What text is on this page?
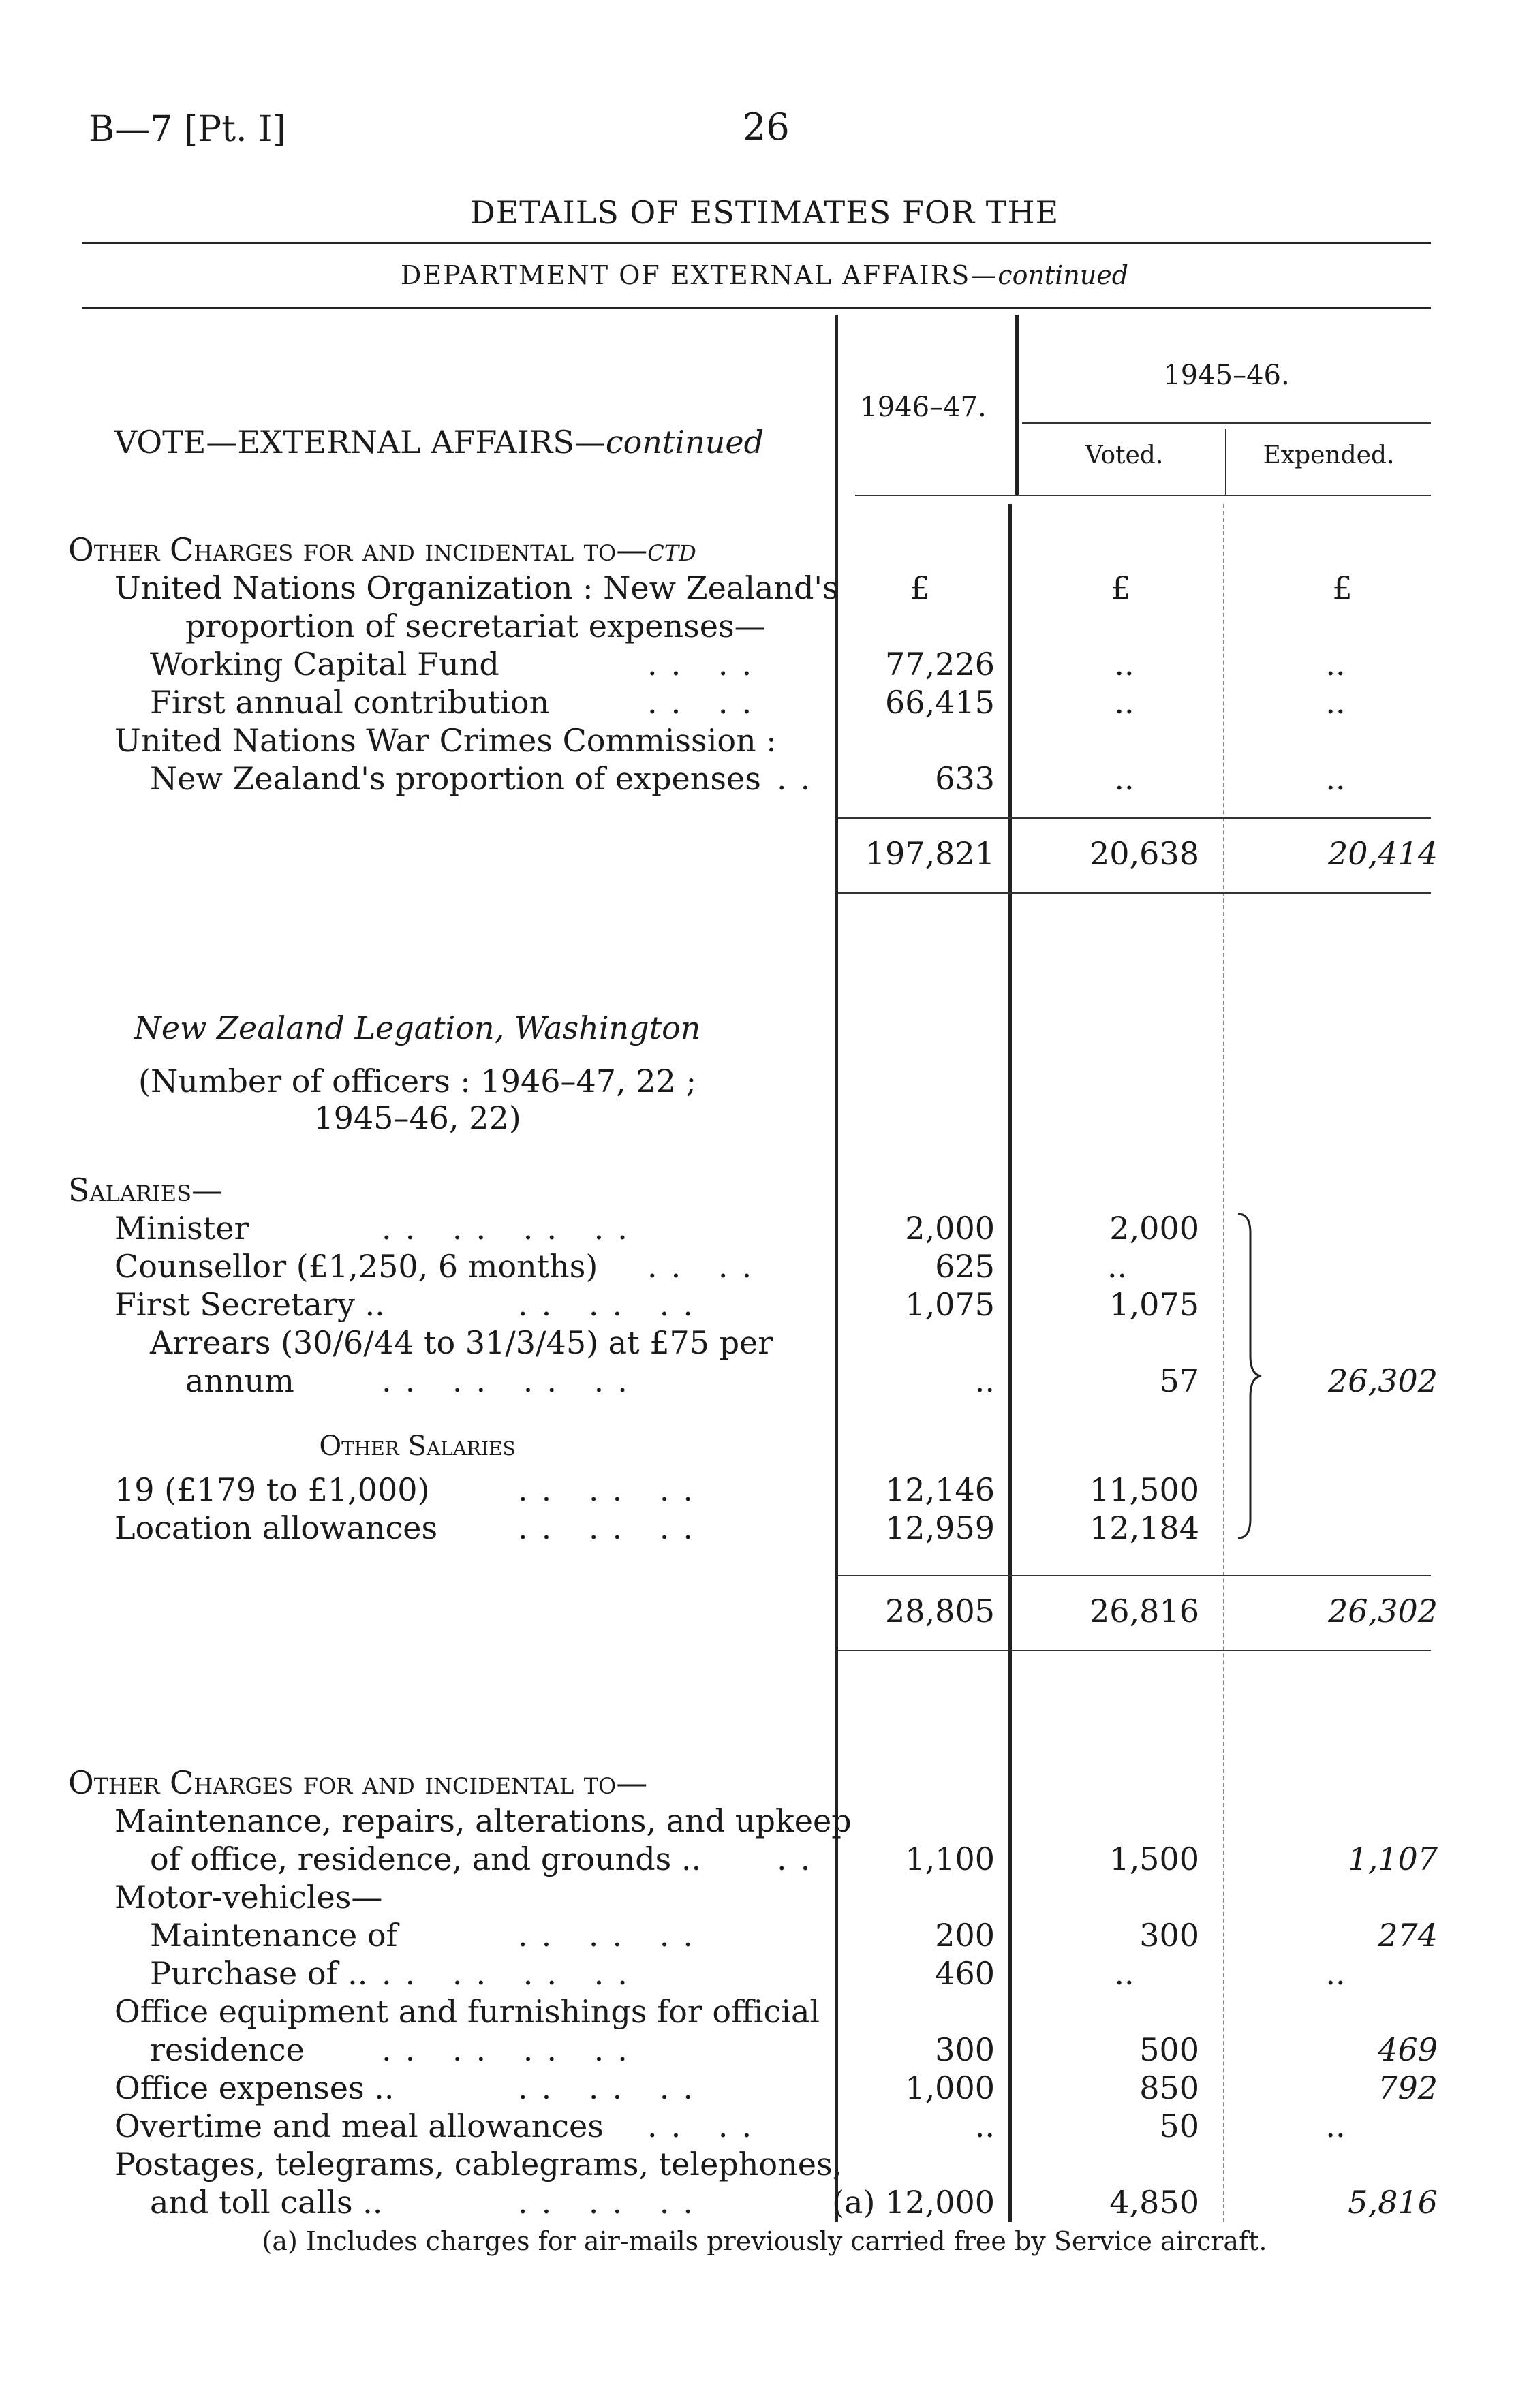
B—7 [Pt. I]	26
DETAILS OF ESTIMATES FOR THE
DEPARTMENT OF EXTERNAL AFFAIRS—continued
VOTE—EXTERNAL AFFAIRS—continued
1946–47.
1945–46.
Voted.	Expended.
Other Charges for and incidental to—ctd
United Nations Organization : New Zealand's
proportion of secretariat expenses—
£	£	£
Working Capital Fund	.. ..	77,226	..	..
First annual contribution	.. ..	66,415	..	..
United Nations War Crimes Commission :
New Zealand's proportion of expenses ..	633	..	..
197,821	20,638	20,414
New Zealand Legation, Washington
(Number of officers : 1946–47, 22 ;
1945–46, 22)
Salaries—
Minister	.. .. .. ..	2,000	2,000
Counsellor (£1,250, 6 months) .. ..	625	..
First Secretary ..	.. .. ..	1,075	1,075
Arrears (30/6/44 to 31/3/45) at £75 per
annum	.. .. .. ..	..	57	26,302
Other Salaries
19 (£179 to £1,000)	.. .. ..	12,146	11,500
Location allowances	.. .. ..	12,959	12,184
28,805	26,816	26,302
Other Charges for and incidental to—
Maintenance, repairs, alterations, and upkeep
of office, residence, and grounds .. ..	1,100	1,500	1,107
Motor-vehicles—
Maintenance of	.. .. ..	200	300	274
Purchase of .. .. .. .. ..	460	..	..
Office equipment and furnishings for official
residence .. .. .. ..	300	500	469
Office expenses ..	.. .. ..	1,000	850	792
Overtime and meal allowances .. ..	..	50	..
Postages, telegrams, cablegrams, telephones,
and toll calls ..	.. .. ..	(a) 12,000	4,850	5,816
(a) Includes charges for air-mails previously carried free by Service aircraft.
